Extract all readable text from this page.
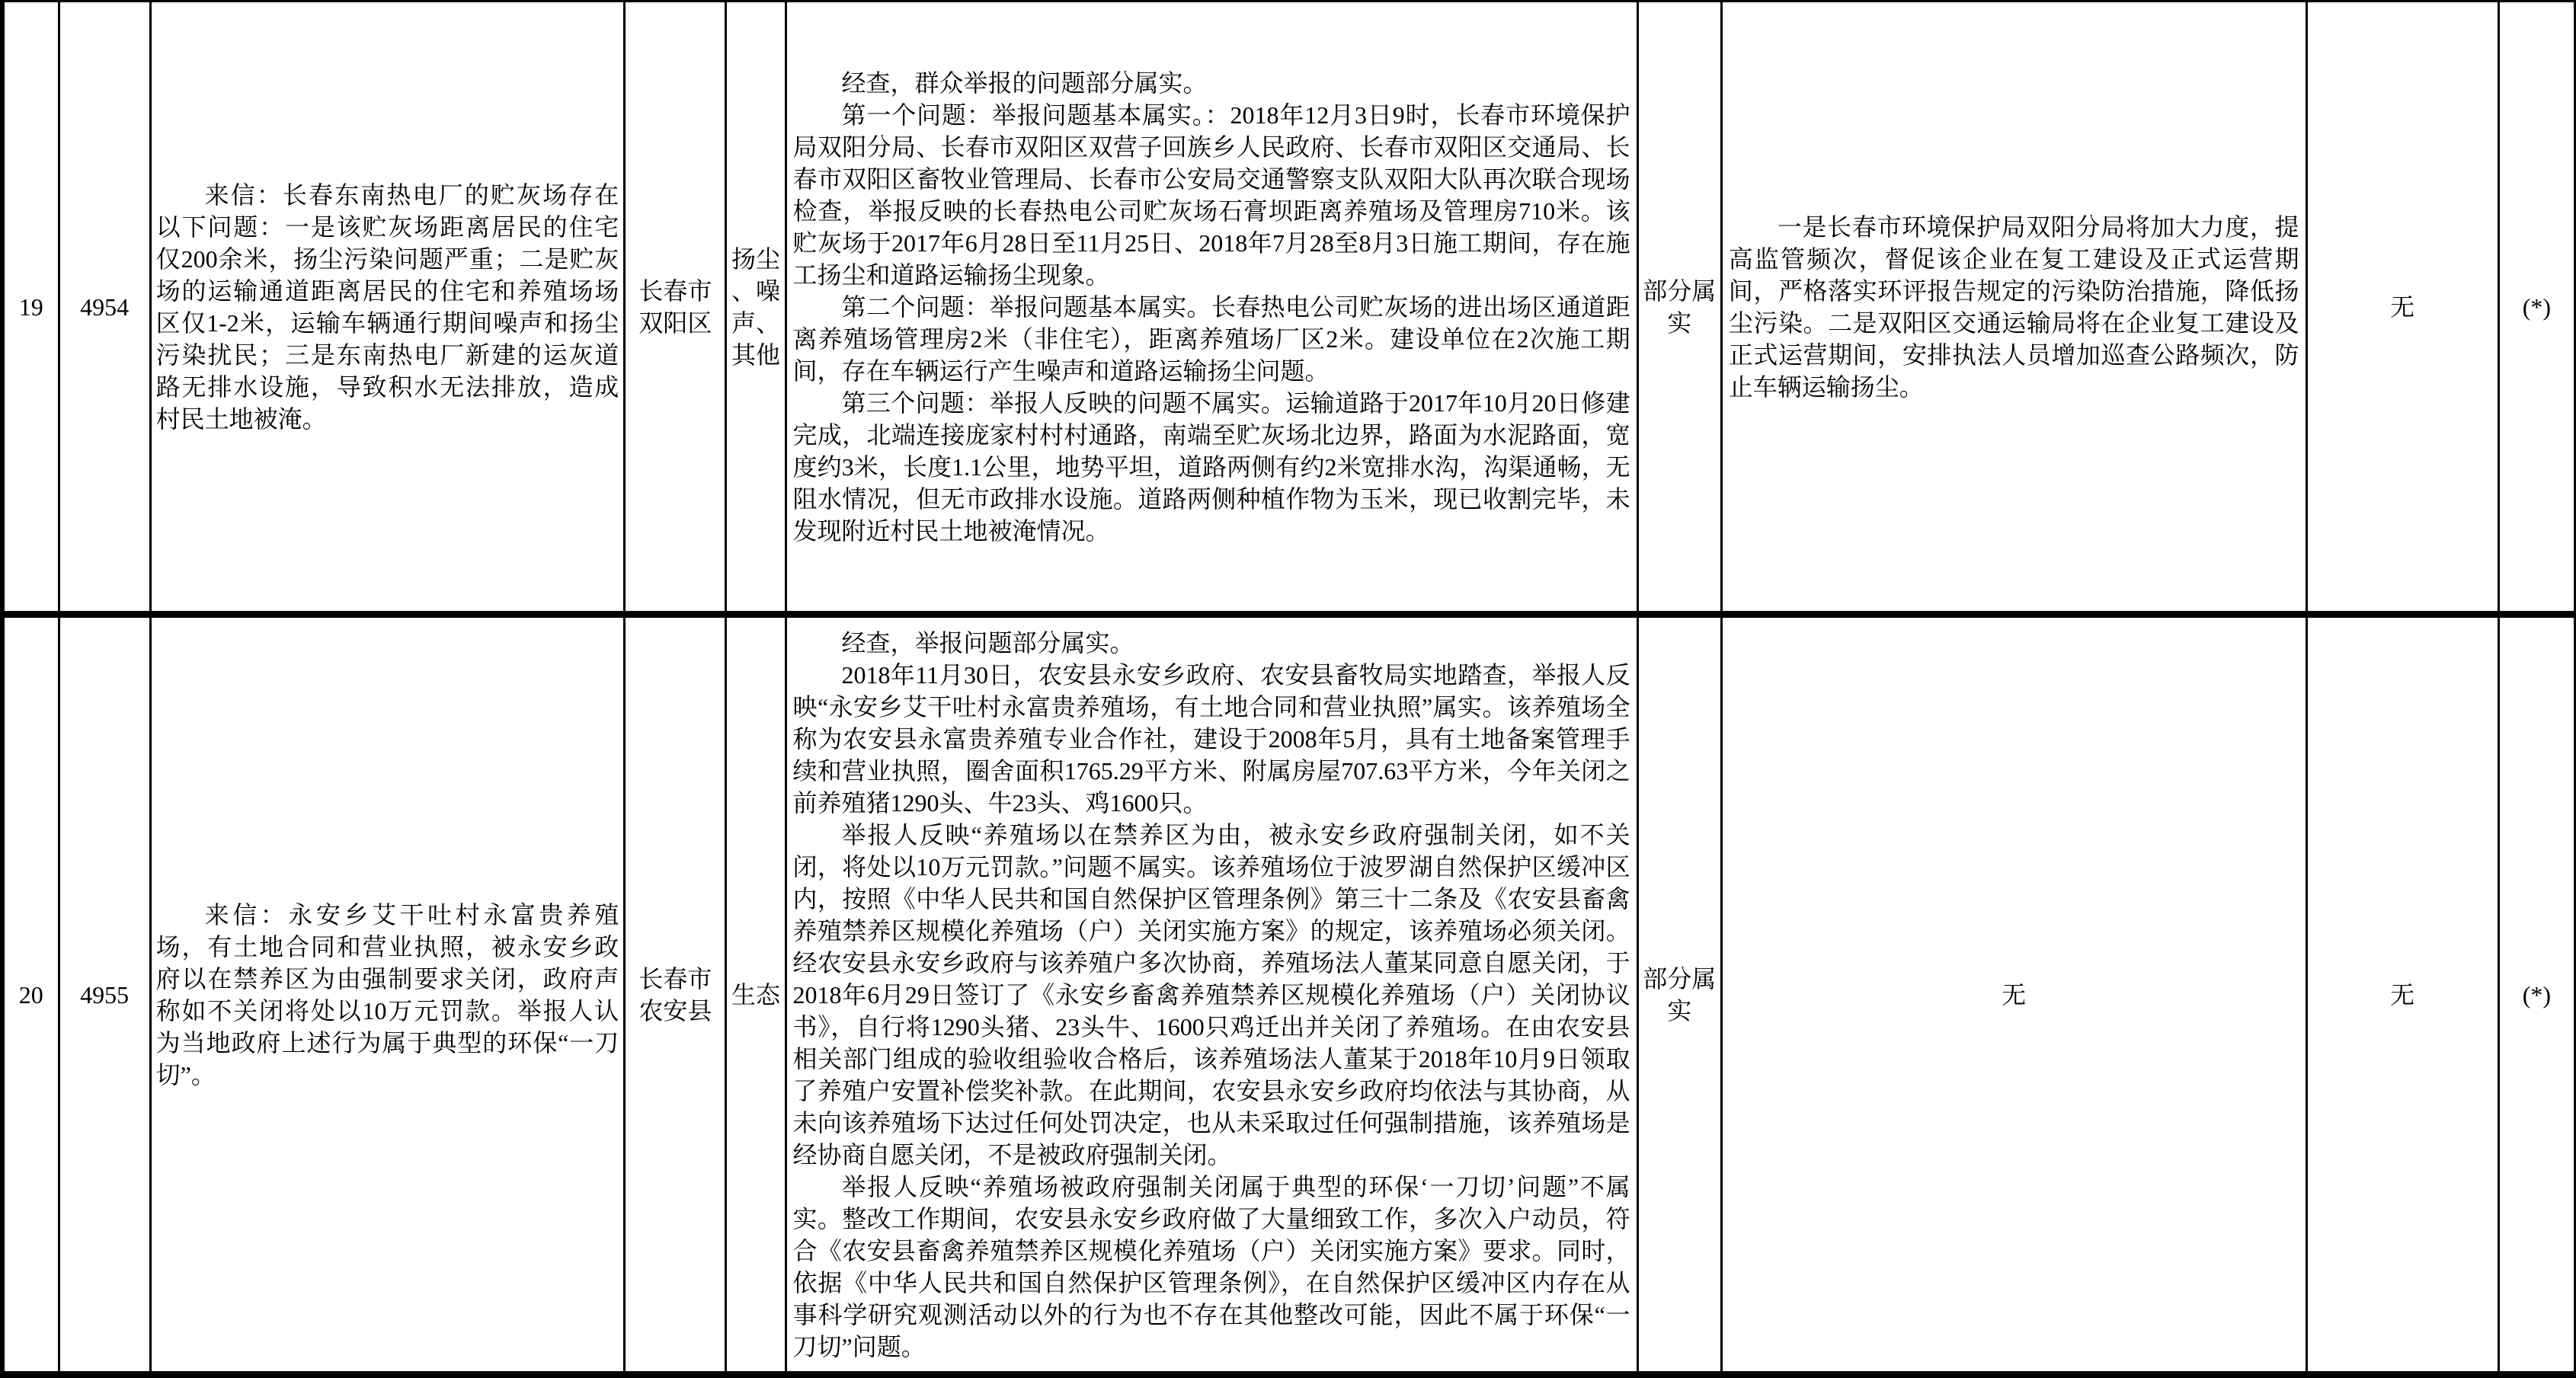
19	4954	来信：长春东南热电厂的贮灰场存在以下问题：一是该贮灰场距离居民的住宅仅200余米，扬尘污染问题严重；二是贮灰场的运输通道距离居民的住宅和养殖场场区仅1-2米，运输车辆通行期间噪声和扬尘污染扰民；三是东南热电厂新建的运灰道路无排水设施，导致积水无法排放，造成村民土地被淹。	长春市双阳区	扬尘、噪声、其他	经查，群众举报的问题部分属实。

第一个问题：举报问题基本属实。：2018年12月3日9时，长春市环境保护局双阳分局、长春市双阳区双营子回族乡人民政府、长春市双阳区交通局、长春市双阳区畜牧业管理局、长春市公安局交通警察支队双阳大队再次联合现场检查，举报反映的长春热电公司贮灰场石膏坝距离养殖场及管理房710米。该贮灰场于2017年6月28日至11月25日、2018年7月28至8月3日施工期间，存在施工扬尘和道路运输扬尘现象。

第二个问题：举报问题基本属实。长春热电公司贮灰场的进出场区通道距离养殖场管理房2米（非住宅），距离养殖场厂区2米。建设单位在2次施工期间，存在车辆运行产生噪声和道路运输扬尘问题。

第三个问题：举报人反映的问题不属实。运输道路于2017年10月20日修建完成，北端连接庞家村村村通路，南端至贮灰场北边界，路面为水泥路面，宽度约3米，长度1.1公里，地势平坦，道路两侧有约2米宽排水沟，沟渠通畅，无阻水情况，但无市政排水设施。道路两侧种植作物为玉米，现已收割完毕，未发现附近村民土地被淹情况。	部分属实	一是长春市环境保护局双阳分局将加大力度，提高监管频次，督促该企业在复工建设及正式运营期间，严格落实环评报告规定的污染防治措施，降低扬尘污染。二是双阳区交通运输局将在企业复工建设及正式运营期间，安排执法人员增加巡查公路频次，防止车辆运输扬尘。	无	(*)
20	4955	来信：永安乡艾干吐村永富贵养殖场，有土地合同和营业执照，被永安乡政府以在禁养区为由强制要求关闭，政府声称如不关闭将处以10万元罚款。举报人认为当地政府上述行为属于典型的环保“一刀切”。	长春市农安县	生态	经查，举报问题部分属实。

2018年11月30日，农安县永安乡政府、农安县畜牧局实地踏查，举报人反映“永安乡艾干吐村永富贵养殖场，有土地合同和营业执照”属实。该养殖场全称为农安县永富贵养殖专业合作社，建设于2008年5月，具有土地备案管理手续和营业执照，圈舍面积1765.29平方米、附属房屋707.63平方米，今年关闭之前养殖猪1290头、牛23头、鸡1600只。

举报人反映“养殖场以在禁养区为由，被永安乡政府强制关闭，如不关闭，将处以10万元罚款。”问题不属实。该养殖场位于波罗湖自然保护区缓冲区内，按照《中华人民共和国自然保护区管理条例》第三十二条及《农安县畜禽养殖禁养区规模化养殖场（户）关闭实施方案》的规定，该养殖场必须关闭。经农安县永安乡政府与该养殖户多次协商，养殖场法人董某同意自愿关闭，于2018年6月29日签订了《永安乡畜禽养殖禁养区规模化养殖场（户）关闭协议书》，自行将1290头猪、23头牛、1600只鸡迁出并关闭了养殖场。在由农安县相关部门组成的验收组验收合格后，该养殖场法人董某于2018年10月9日领取了养殖户安置补偿奖补款。在此期间，农安县永安乡政府均依法与其协商，从未向该养殖场下达过任何处罚决定，也从未采取过任何强制措施，该养殖场是经协商自愿关闭，不是被政府强制关闭。

举报人反映“养殖场被政府强制关闭属于典型的环保‘一刀切’问题”不属实。整改工作期间，农安县永安乡政府做了大量细致工作，多次入户动员，符合《农安县畜禽养殖禁养区规模化养殖场（户）关闭实施方案》要求。同时，依据《中华人民共和国自然保护区管理条例》，在自然保护区缓冲区内存在从事科学研究观测活动以外的行为也不存在其他整改可能，因此不属于环保“一刀切”问题。	部分属实	无	无	(*)
